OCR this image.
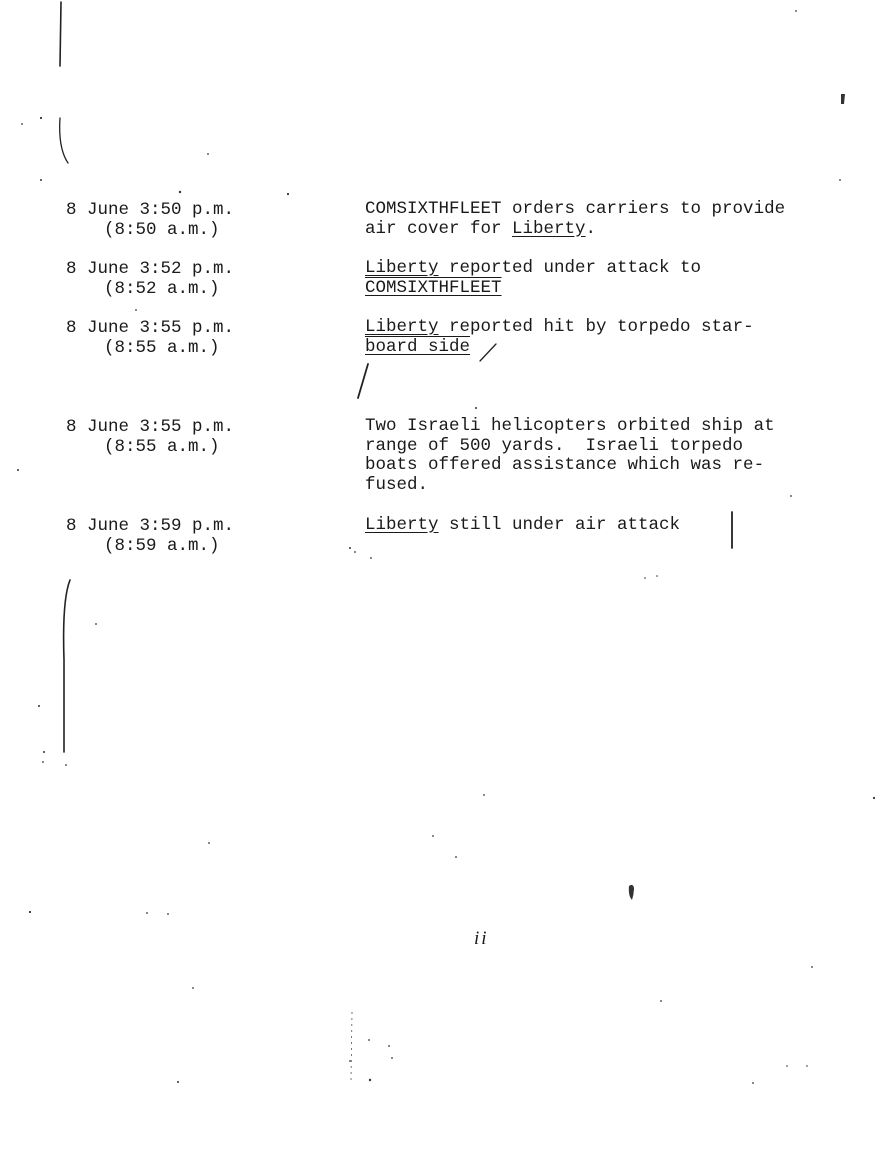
8 June 3:50 p.m.
(8:50 a.m.)
COMSIXTHFLEET orders carriers to provide
air cover for Liberty.
8 June 3:52 p.m.
(8:52 a.m.)
Liberty reported under attack to
COMSIXTHFLEET
8 June 3:55 p.m.
(8:55 a.m.)
Liberty reported hit by torpedo star-
board side
8 June 3:55 p.m.
(8:55 a.m.)
Two Israeli helicopters orbited ship at
range of 500 yards.  Israeli torpedo
boats offered assistance which was re-
fused.
8 June 3:59 p.m.
(8:59 a.m.)
Liberty still under air attack
ii
